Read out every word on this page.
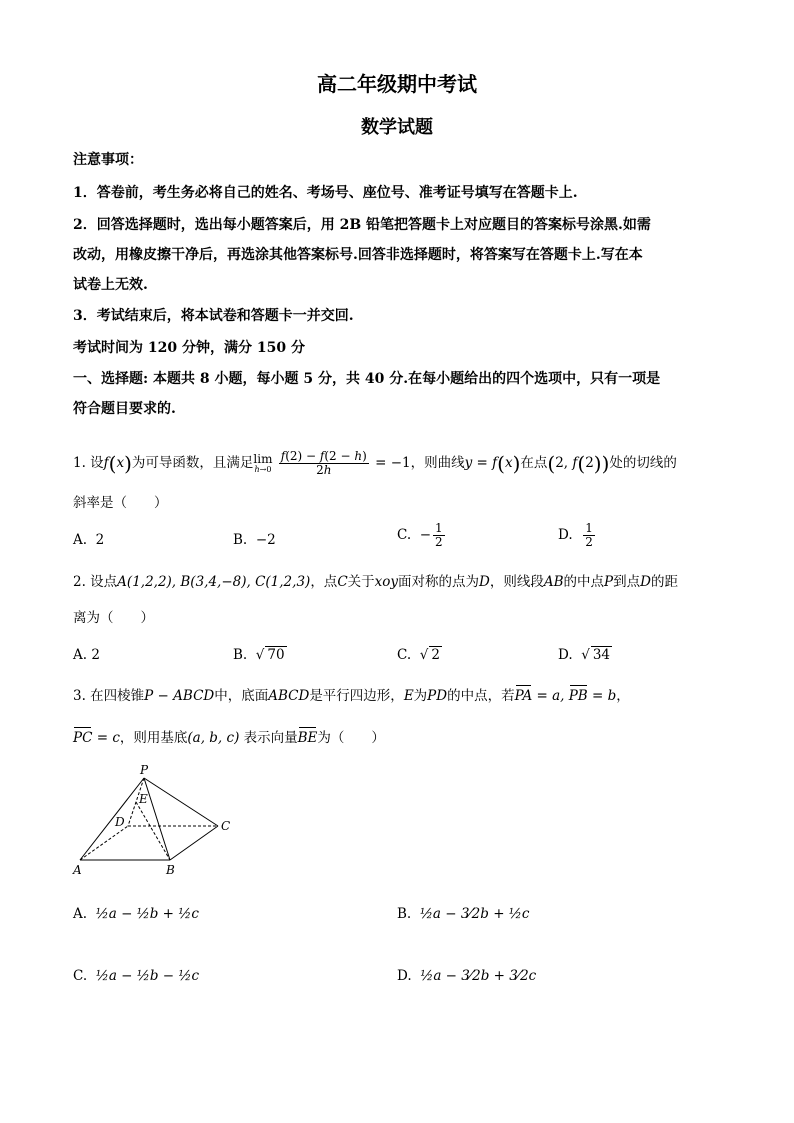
高二年级期中考试
数学试题
注意事项：
1．答卷前，考生务必将自己的姓名、考场号、座位号、准考证号填写在答题卡上.
2．回答选择题时，选出每小题答案后，用 2B 铅笔把答题卡上对应题目的答案标号涂黑.如需
改动，用橡皮擦干净后，再选涂其他答案标号.回答非选择题时，将答案写在答题卡上.写在本
试卷上无效.
3．考试结束后，将本试卷和答题卡一并交回.
考试时间为 120 分钟，满分 150 分
一、选择题: 本题共 8 小题，每小题 5 分，共 40 分.在每小题给出的四个选项中，只有一项是
符合题目要求的.
1. 设f(x)为可导函数，且满足lim
h→0
$\frac{f(2) - f(2 - h)}{2h} = -1$，则曲线y = f(x)在点(2, f(2))处的切线的
斜率是（　　）
A. 2	B. −2	C. − $\frac{1}{2}$	D. $\frac{1}{2}$
2. 设点A(1,2,2), B(3,4,−8), C(1,2,3)，点C关于xoy面对称的点为D，则线段AB的中点P到点D的距
离为（　　）
A. 2	B.  √ 70	C.  √ 2	D.  √ 34
3. 在四棱锥P − ABCD中，底面ABCD是平行四边形，E为PD的中点，若PA = a, PB = b，
PC = c，则用基底(a, b, c) 表示向量BE为（　　）
P
E
D	C
A	B
A. ½a − ½b + ½c	B. ½a − 3⁄2b + ½c
C. ½a − ½b − ½c	D. ½a − 3⁄2b + 3⁄2c
